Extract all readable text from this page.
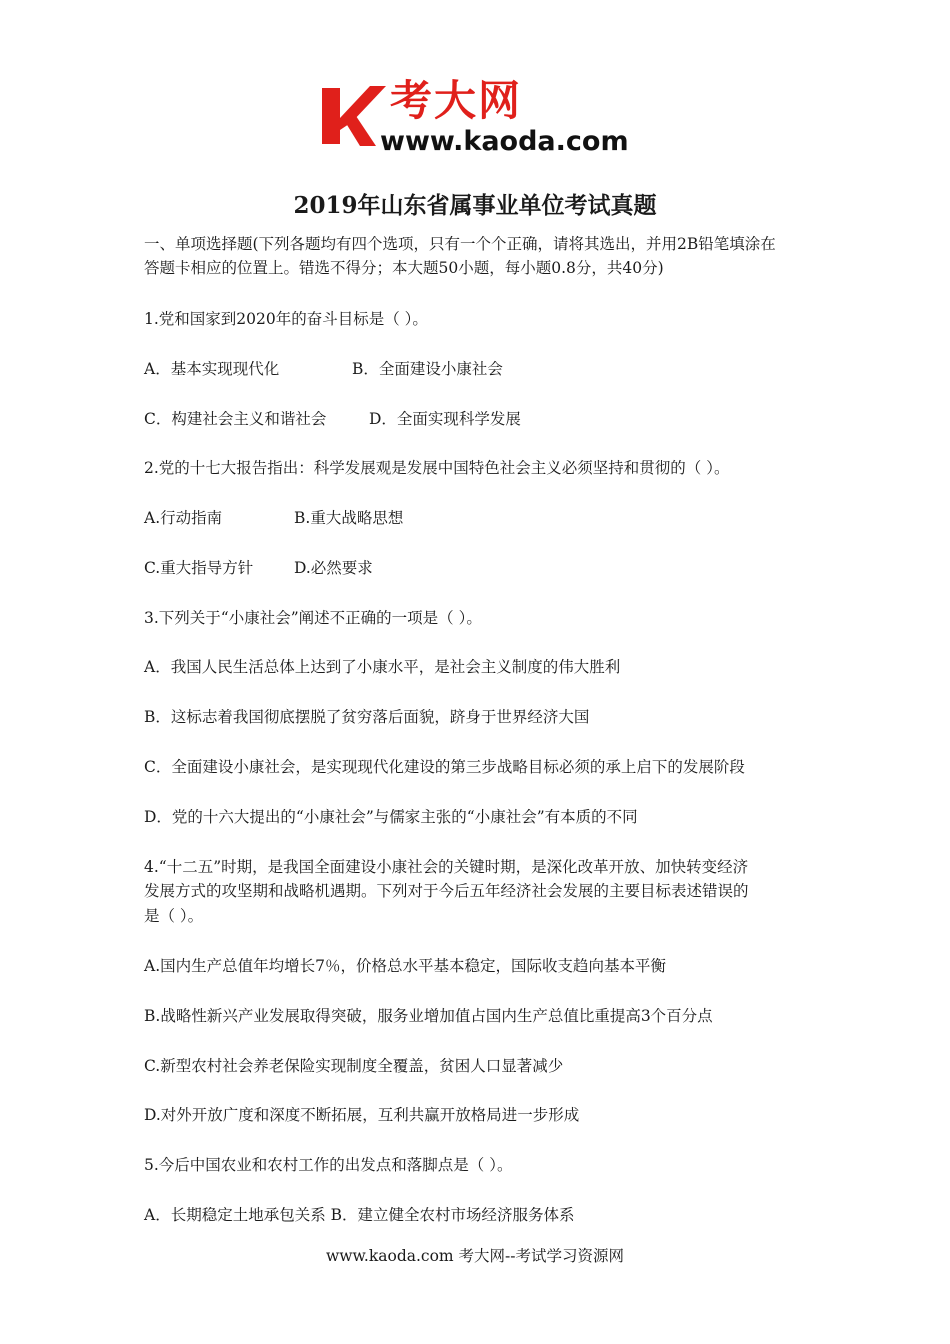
考大网
www.kaoda.com
2019年山东省属事业单位考试真题
一、单项选择题(下列各题均有四个选项，只有一个个正确，请将其选出，并用2B铅笔填涂在
答题卡相应的位置上。错选不得分；本大题50小题，每小题0.8分，共40分)
1.党和国家到2020年的奋斗目标是（ ）。
A．基本实现现代化	B．全面建设小康社会
C．构建社会主义和谐社会	D．全面实现科学发展
2.党的十七大报告指出：科学发展观是发展中国特色社会主义必须坚持和贯彻的（ ）。
A.行动指南	B.重大战略思想
C.重大指导方针	D.必然要求
3.下列关于“小康社会”阐述不正确的一项是（ ）。
A．我国人民生活总体上达到了小康水平，是社会主义制度的伟大胜利
B．这标志着我国彻底摆脱了贫穷落后面貌，跻身于世界经济大国
C．全面建设小康社会，是实现现代化建设的第三步战略目标必须的承上启下的发展阶段
D．党的十六大提出的“小康社会”与儒家主张的“小康社会”有本质的不同
4.“十二五”时期，是我国全面建设小康社会的关键时期，是深化改革开放、加快转变经济
发展方式的攻坚期和战略机遇期。下列对于今后五年经济社会发展的主要目标表述错误的
是（ ）。
A.国内生产总值年均增长7％，价格总水平基本稳定，国际收支趋向基本平衡
B.战略性新兴产业发展取得突破，服务业增加值占国内生产总值比重提高3个百分点
C.新型农村社会养老保险实现制度全覆盖，贫困人口显著减少
D.对外开放广度和深度不断拓展，互利共赢开放格局进一步形成
5.今后中国农业和农村工作的出发点和落脚点是（ ）。
A．长期稳定土地承包关系 B．建立健全农村市场经济服务体系
www.kaoda.com 考大网--考试学习资源网
